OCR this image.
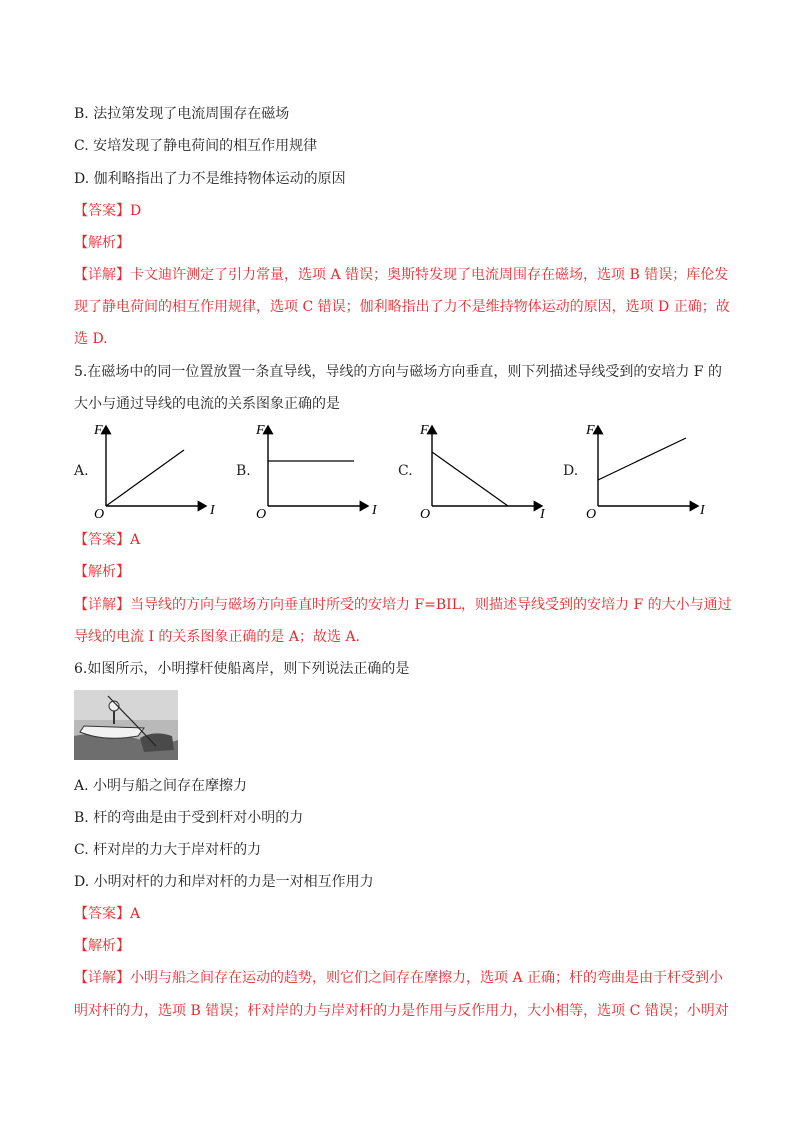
B. 法拉第发现了电流周围存在磁场
C. 安培发现了静电荷间的相互作用规律
D. 伽利略指出了力不是维持物体运动的原因
【答案】D
【解析】
【详解】卡文迪许测定了引力常量，选项 A 错误；奥斯特发现了电流周围存在磁场，选项 B 错误；库伦发
现了静电荷间的相互作用规律，选项 C 错误；伽利略指出了力不是维持物体运动的原因，选项 D 正确；故
选 D.
5.在磁场中的同一位置放置一条直导线，导线的方向与磁场方向垂直，则下列描述导线受到的安培力 F 的
大小与通过导线的电流的关系图象正确的是
A.
F
O	I
B.
F
O	I
C.
F
O	I
D.
F
O	I
【答案】A
【解析】
【详解】当导线的方向与磁场方向垂直时所受的安培力 F=BIL，则描述导线受到的安培力 F 的大小与通过
导线的电流 I 的关系图象正确的是 A；故选 A.
6.如图所示，小明撑杆使船离岸，则下列说法正确的是
A. 小明与船之间存在摩擦力
B. 杆的弯曲是由于受到杆对小明的力
C. 杆对岸的力大于岸对杆的力
D. 小明对杆的力和岸对杆的力是一对相互作用力
【答案】A
【解析】
【详解】小明与船之间存在运动的趋势，则它们之间存在摩擦力，选项 A 正确；杆的弯曲是由于杆受到小
明对杆的力，选项 B 错误；杆对岸的力与岸对杆的力是作用与反作用力，大小相等，选项 C 错误；小明对
